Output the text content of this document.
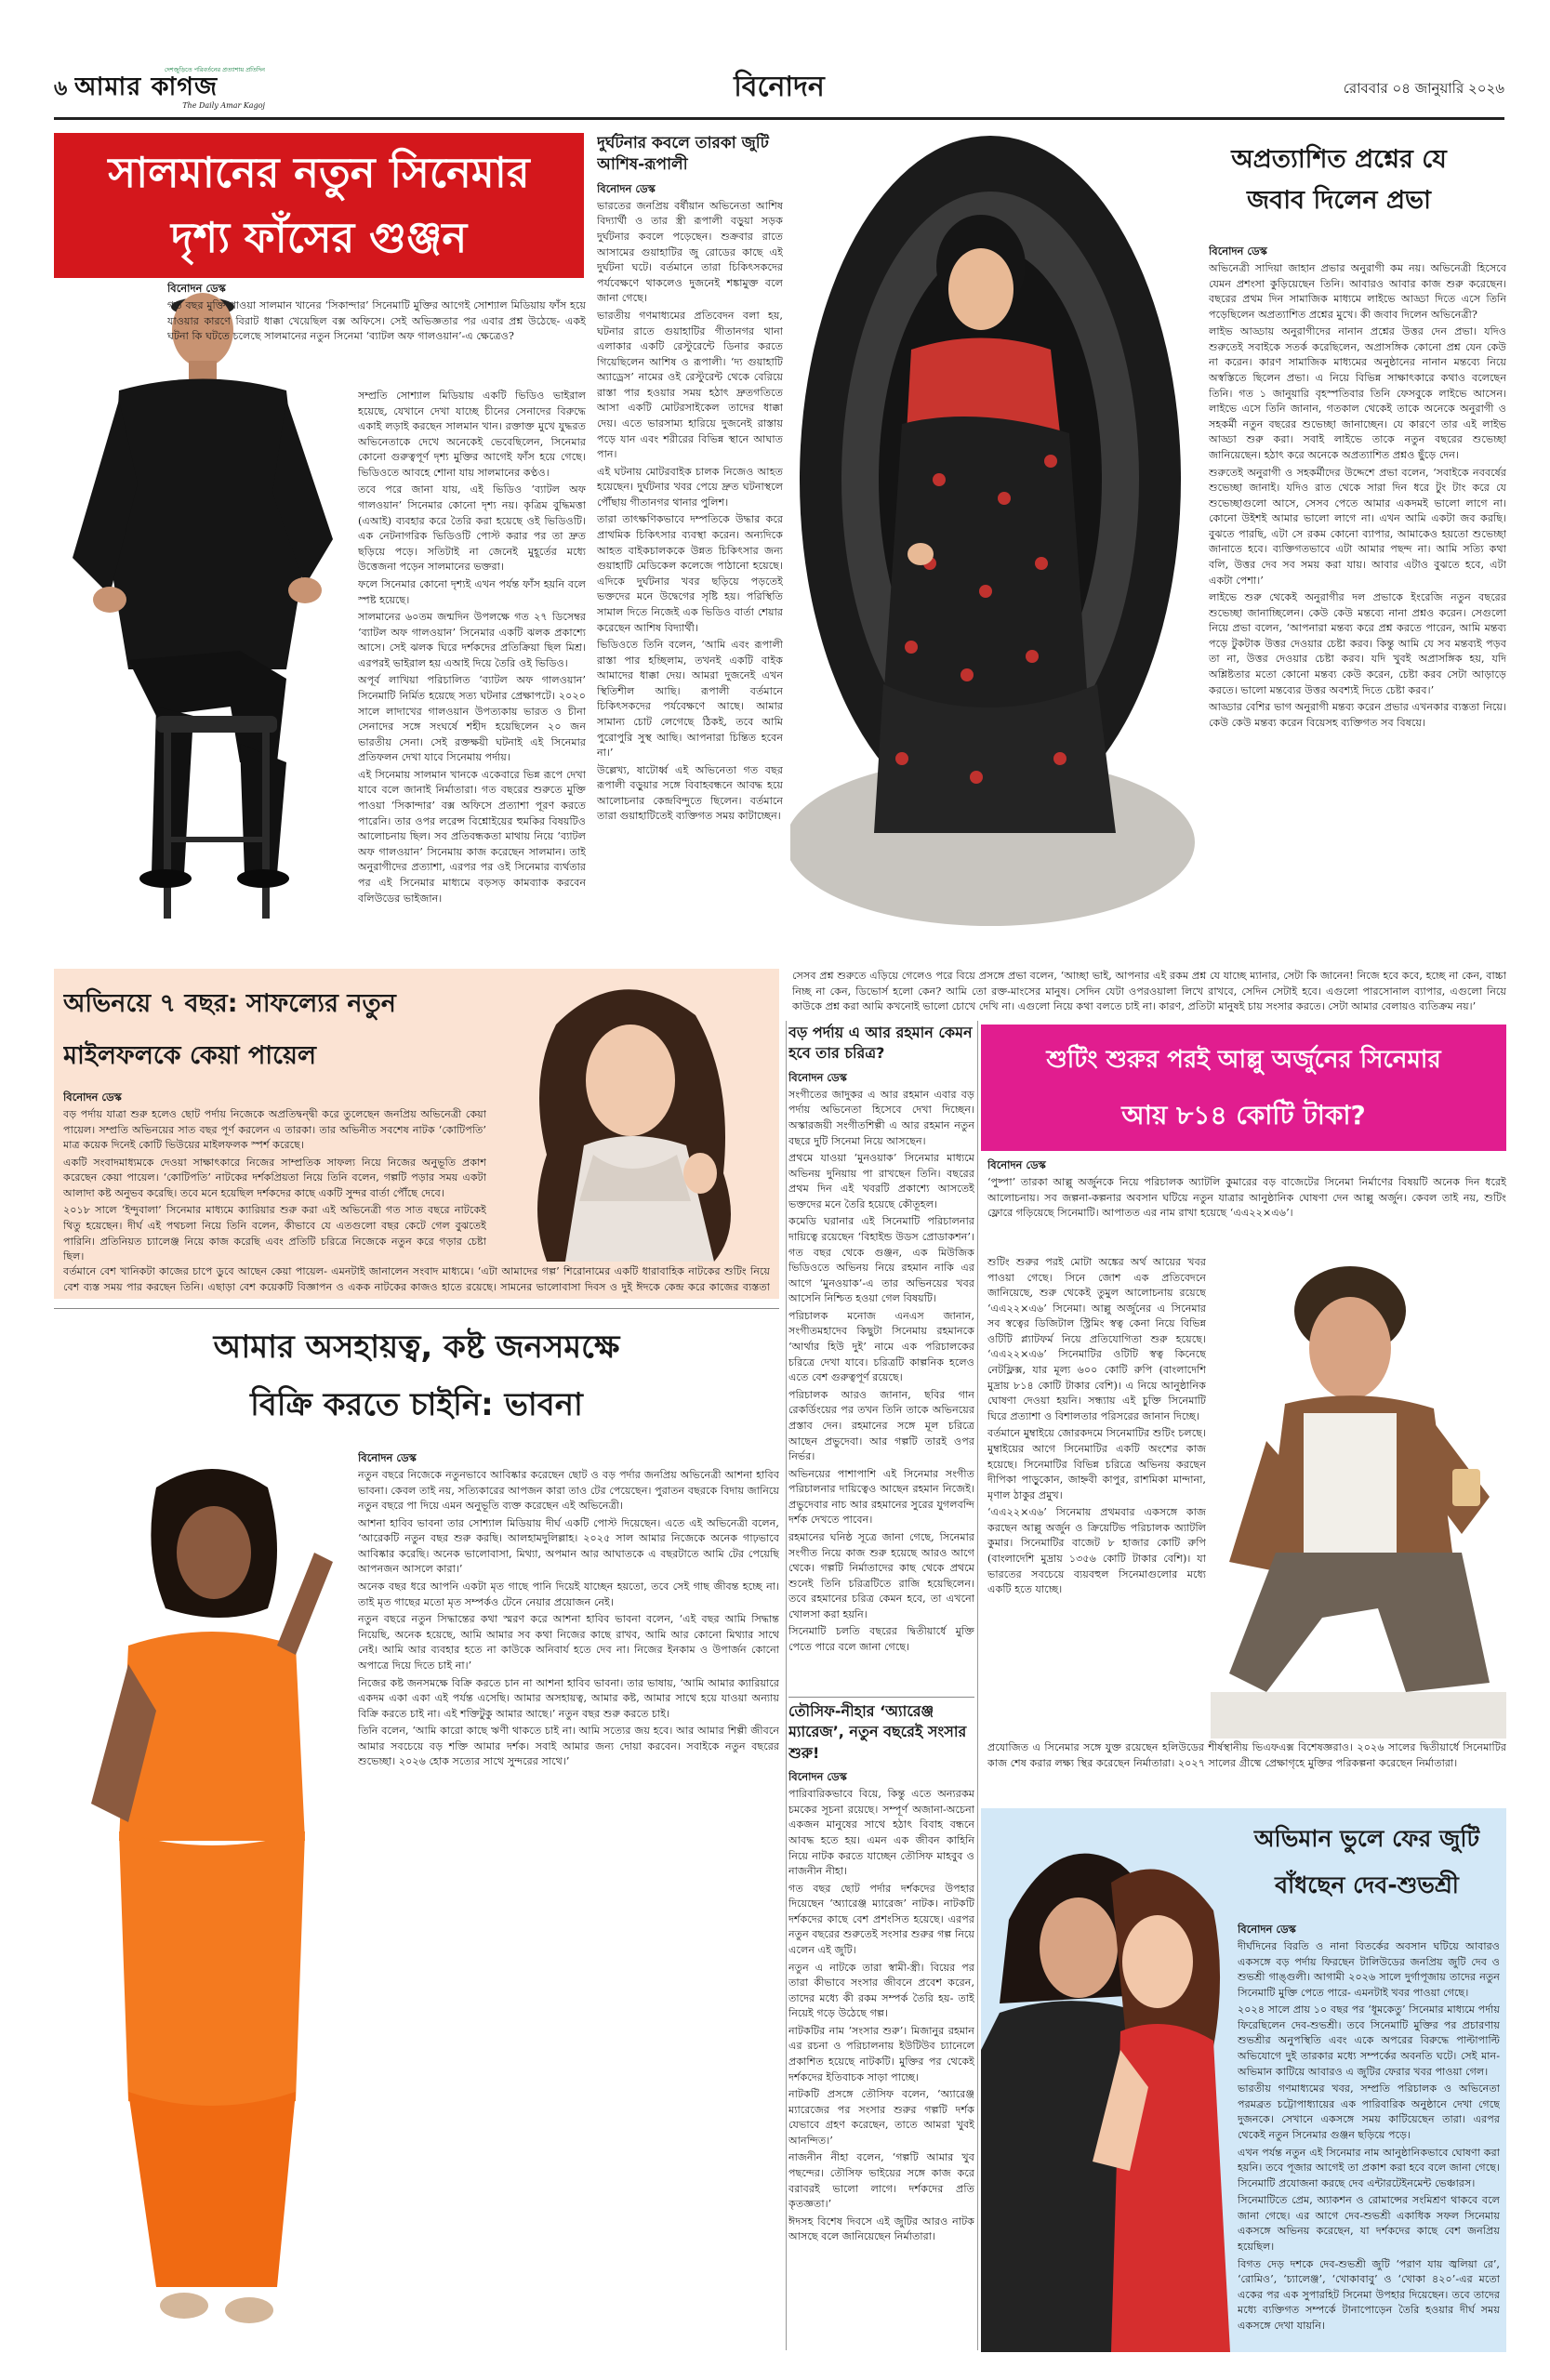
৬
দেশজুড়িতে পরিবর্তনের প্রত্যাশায় প্রতিদিন
আমার কাগজ
The Daily Amar Kagoj
বিনোদন	রোববার ০৪ জানুয়ারি ২০২৬
সালমানের নতুন সিনেমার
দৃশ্য ফাঁসের গুঞ্জন
বিনোদন ডেস্ক

গত বছর মুক্তি পাওয়া সালমান খানের ‘সিকান্দার’ সিনেমাটি মুক্তির আগেই সোশ্যাল মিডিয়ায় ফাঁস হয়ে যাওয়ার কারণে বিরাট ধাক্কা খেয়েছিল বক্স অফিসে। সেই অভিজ্ঞতার পর এবার প্রশ্ন উঠেছে- একই ঘটনা কি ঘটতে চলেছে সালমানের নতুন সিনেমা ‘ব্যাটল অফ গালওয়ান’-এ ক্ষেত্রেও?

সম্প্রতি সোশ্যাল মিডিয়ায় একটি ভিডিও ভাইরাল হয়েছে, যেখানে দেখা যাচ্ছে চীনের সেনাদের বিরুদ্ধে একাই লড়াই করছেন সালমান খান। রক্তাক্ত মুখে যুদ্ধরত অভিনেতাকে দেখে অনেকেই ভেবেছিলেন, সিনেমার কোনো গুরুত্বপূর্ণ দৃশ্য মুক্তির আগেই ফাঁস হয়ে গেছে। ভিডিওতে আবহে শোনা যায় সালমানের কণ্ঠও।

তবে পরে জানা যায়, এই ভিডিও ‘ব্যাটল অফ গালওয়ান’ সিনেমার কোনো দৃশ্য নয়। কৃত্রিম বুদ্ধিমত্তা (এআই) ব্যবহার করে তৈরি করা হয়েছে ওই ভিডিওটি। এক নেটনাগরিক ভিডিওটি পোস্ট করার পর তা দ্রুত ছড়িয়ে পড়ে। সতিটাই না জেনেই মুহূর্তের মধ্যে উত্তেজনা পড়েন সালমানের ভক্তরা।

ফলে সিনেমার কোনো দৃশ্যই এখন পর্যন্ত ফাঁস হয়নি বলে স্পষ্ট হয়েছে।

সালমানের ৬০তম জন্মদিন উপলক্ষে গত ২৭ ডিসেম্বর ‘ব্যাটল অফ গালওয়ান’ সিনেমার একটি ঝলক প্রকাশ্যে আসে। সেই ঝলক ঘিরে দর্শকদের প্রতিক্রিয়া ছিল মিশ্র। এরপরই ভাইরাল হয় এআই দিয়ে তৈরি ওই ভিডিও।

অপূর্ব লাখিয়া পরিচালিত ‘ব্যাটল অফ গালওয়ান’ সিনেমাটি নির্মিত হয়েছে সত্য ঘটনার প্রেক্ষাপটে। ২০২০ সালে লাদাখের গালওয়ান উপত্যকায় ভারত ও চীনা সেনাদের সঙ্গে সংঘর্ষে শহীদ হয়েছিলেন ২০ জন ভারতীয় সেনা। সেই রক্তক্ষয়ী ঘটনাই এই সিনেমার প্রতিফলন দেখা যাবে সিনেমায় পর্দায়।

এই সিনেমায় সালমান খানকে একেবারে ভিন্ন রূপে দেখা যাবে বলে জানাই নির্মাতারা। গত বছরের শুরুতে মুক্তি পাওয়া ‘সিকান্দার’ বক্স অফিসে প্রত্যাশা পূরণ করতে পারেনি। তার ওপর লরেন্স বিশ্নোইয়ের হুমকির বিষয়টিও আলোচনায় ছিল। সব প্রতিবন্ধকতা মাথায় নিয়ে ‘ব্যাটল অফ গালওয়ান’ সিনেমায় কাজ করেছেন সালমান। তাই অনুরাগীদের প্রত্যাশা, এরপর পর ওই সিনেমার ব্যর্থতার পর এই সিনেমার মাধ্যমে বড়সড় কামব্যাক করবেন বলিউডের ভাইজান।

দুর্ঘটনার কবলে তারকা জুটি আশিষ-রূপালী
বিনোদন ডেস্ক

ভারতের জনপ্রিয় বর্ষীয়ান অভিনেতা আশিষ বিদ্যার্থী ও তার স্ত্রী রূপালী বড়ুয়া সড়ক দুর্ঘটনার কবলে পড়েছেন। শুক্রবার রাতে আসামের গুয়াহাটির জু রোডের কাছে এই দুর্ঘটনা ঘটে। বর্তমানে তারা চিকিৎসকদের পর্যবেক্ষণে থাকলেও দুজনেই শঙ্কামুক্ত বলে জানা গেছে।

ভারতীয় গণমাধ্যমের প্রতিবেদন বলা হয়, ঘটনার রাতে গুয়াহাটির গীতানগর থানা এলাকার একটি রেস্টুরেন্টে ডিনার করতে গিয়েছিলেন আশিষ ও রূপালী। ‘দ্য গুয়াহাটি অ্যাড্রেস’ নামের ওই রেস্টুরেন্ট থেকে বেরিয়ে রাস্তা পার হওয়ার সময় হঠাৎ দ্রুতগতিতে আসা একটি মোটরসাইকেল তাদের ধাক্কা দেয়। এতে ভারসাম্য হারিয়ে দুজনেই রাস্তায় পড়ে যান এবং শরীরের বিভিন্ন স্থানে আঘাত পান।

এই ঘটনায় মোটরবাইক চালক নিজেও আহত হয়েছেন। দুর্ঘটনার খবর পেয়ে দ্রুত ঘটনাস্থলে পৌঁছায় গীতানগর থানার পুলিশ।

তারা তাৎক্ষণিকভাবে দম্পতিকে উদ্ধার করে প্রাথমিক চিকিৎসার ব্যবস্থা করেন। অন্যদিকে আহত বাইকচালককে উন্নত চিকিৎসার জন্য গুয়াহাটি মেডিকেল কলেজে পাঠানো হয়েছে। এদিকে দুর্ঘটনার খবর ছড়িয়ে পড়তেই ভক্তদের মনে উদ্বেগের সৃষ্টি হয়। পরিস্থিতি সামাল দিতে নিজেই এক ভিডিও বার্তা শেয়ার করেছেন আশিষ বিদ্যার্থী।

ভিডিওতে তিনি বলেন, ‘আমি এবং রূপালী রাস্তা পার হচ্ছিলাম, তখনই একটি বাইক আমাদের ধাক্কা দেয়। আমরা দুজনেই এখন স্থিতিশীল আছি। রূপালী বর্তমানে চিকিৎসকদের পর্যবেক্ষণে আছে। আমার সামান্য চোট লেগেছে ঠিকই, তবে আমি পুরোপুরি সুস্থ আছি। আপনারা চিন্তিত হবেন না।’

উল্লেখ্য, ষাটোর্ধ্ব এই অভিনেতা গত বছর রূপালী বড়ুয়ার সঙ্গে বিবাহবন্ধনে আবদ্ধ হয়ে আলোচনার কেন্দ্রবিন্দুতে ছিলেন। বর্তমানে তারা গুয়াহাটিতেই ব্যক্তিগত সময় কাটাচ্ছেন।

অপ্রত্যাশিত প্রশ্নের যে
জবাব দিলেন প্রভা
বিনোদন ডেস্ক

অভিনেত্রী সাদিয়া জাহান প্রভার অনুরাগী কম নয়। অভিনেত্রী হিসেবে যেমন প্রশংসা কুড়িয়েছেন তিনি। আবারও আবার কাজ শুরু করেছেন। বছরের প্রথম দিন সামাজিক মাধ্যমে লাইভে আড্ডা দিতে এসে তিনি পড়েছিলেন অপ্রত্যাশিত প্রশ্নের মুখে। কী জবাব দিলেন অভিনেত্রী?

লাইভ আড্ডায় অনুরাগীদের নানান প্রশ্নের উত্তর দেন প্রভা। যদিও শুরুতেই সবাইকে সতর্ক করেছিলেন, অপ্রাসঙ্গিক কোনো প্রশ্ন যেন কেউ না করেন। কারণ সামাজিক মাধ্যমের অনুষ্ঠানের নানান মন্তব্যে নিয়ে অস্বস্তিতে ছিলেন প্রভা। এ নিয়ে বিভিন্ন সাক্ষাৎকারে কথাও বলেছেন তিনি। গত ১ জানুয়ারি বৃহস্পতিবার তিনি ফেসবুকে লাইভে আসেন। লাইভে এসে তিনি জানান, গতকাল থেকেই তাকে অনেকে অনুরাগী ও সহকর্মী নতুন বছরের শুভেচ্ছা জানাচ্ছেন। যে কারণে তার এই লাইভ আড্ডা শুরু করা। সবাই লাইভে তাকে নতুন বছরের শুভেচ্ছা জানিয়েছেন। হঠাৎ করে অনেকে অপ্রত্যাশিত প্রশ্নও ছুঁড়ে দেন।

শুরুতেই অনুরাগী ও সহকর্মীদের উদ্দেশে প্রভা বলেন, ‘সবাইকে নববর্ষের শুভেচ্ছা জানাই। যদিও রাত থেকে সারা দিন ধরে টুং টাং করে যে শুভেচ্ছাগুলো আসে, সেসব পেতে আমার একদমই ভালো লাগে না। কোনো উইশই আমার ভালো লাগে না। এখন আমি একটা জব করছি। বুঝতে পারছি, এটা সে রকম কোনো ব্যাপার, আমাকেও হয়তো শুভেচ্ছা জানাতে হবে। ব্যক্তিগতভাবে এটা আমার পছন্দ না। আমি সত্যি কথা বলি, উত্তর দেব সব সময় করা যায়। আবার এটাও বুঝতে হবে, এটা একটা পেশা।’

লাইভে শুরু থেকেই অনুরাগীর দল প্রভাকে ইংরেজি নতুন বছরের শুভেচ্ছা জানাচ্ছিলেন। কেউ কেউ মন্তব্যে নানা প্রশ্নও করেন। সেগুলো নিয়ে প্রভা বলেন, ‘আপনারা মন্তব্য করে প্রশ্ন করতে পারেন, আমি মন্তব্য পড়ে টুকটাক উত্তর দেওয়ার চেষ্টা করব। কিন্তু আমি যে সব মন্তব্যই পড়ব তা না, উত্তর দেওয়ার চেষ্টা করব। যদি খুবই অপ্রাসঙ্গিক হয়, যদি অশ্লিষ্টতার মতো কোনো মন্তব্য কেউ করেন, চেষ্টা করব সেটা আড়াড়ে করতে। ভালো মন্তব্যের উত্তর অবশ্যই দিতে চেষ্টা করব।’

আড্ডার বেশির ভাগ অনুরাগী মন্তব্য করেন প্রভার এখনকার ব্যস্ততা নিয়ে। কেউ কেউ মন্তব্য করেন বিয়েসহ ব্যক্তিগত সব বিষয়ে।

সেসব প্রশ্ন শুরুতে এড়িয়ে গেলেও পরে বিয়ে প্রসঙ্গে প্রভা বলেন, ‘আচ্ছা ভাই, আপনার এই রকম প্রশ্ন যে যাচ্ছে ম্যানার, সেটা কি জানেন! নিজে হবে কবে, হচ্ছে না কেন, বাচ্চা নিচ্ছ না কেন, ডিভোর্স হলো কেন? আমি তো রক্ত-মাংসের মানুষ। সেদিন যেটা ওপরওয়ালা লিখে রাখবে, সেদিন সেটাই হবে। এগুলো পারসোনাল ব্যাপার, এগুলো নিয়ে কাউকে প্রশ্ন করা আমি কখনোই ভালো চোখে দেখি না। এগুলো নিয়ে কথা বলতে চাই না। কারণ, প্রতিটা মানুষই চায় সংসার করতে। সেটা আমার বেলায়ও ব্যতিক্রম নয়।’

অভিনয়ে ৭ বছর: সাফল্যের নতুন
মাইলফলকে কেয়া পায়েল
বিনোদন ডেস্ক

বড় পর্দায় যাত্রা শুরু হলেও ছোট পর্দায় নিজেকে অপ্রতিদ্বন্দ্বী করে তুলেছেন জনপ্রিয় অভিনেত্রী কেয়া পায়েল। সম্প্রতি অভিনয়ের সাত বছর পূর্ণ করলেন এ তারকা। তার অভিনীত সবশেষ নাটক ‘কোটিপতি’ মাত্র কয়েক দিনেই কোটি ভিউয়ের মাইলফলক স্পর্শ করেছে।

একটি সংবাদমাধ্যমকে দেওয়া সাক্ষাৎকারে নিজের সাম্প্রতিক সাফল্য নিয়ে নিজের অনুভূতি প্রকাশ করেছেন কেয়া পায়েল। ‘কোটিপতি’ নাটকের দর্শকপ্রিয়তা নিয়ে তিনি বলেন, গল্পটি পড়ার সময় একটা আলাদা কষ্ট অনুভব করেছি। তবে মনে হয়েছিল দর্শকদের কাছে একটি সুন্দর বার্তা পৌঁছে দেবে।

২০১৮ সালে ‘ইন্দুবালা’ সিনেমার মাধ্যমে ক্যারিয়ার শুরু করা এই অভিনেত্রী গত সাত বছরে নাটকেই থিতু হয়েছেন। দীর্ঘ এই পথচলা নিয়ে তিনি বলেন, কীভাবে যে এতগুলো বছর কেটে গেল বুঝতেই পারিনি। প্রতিনিয়ত চ্যালেঞ্জ নিয়ে কাজ করেছি এবং প্রতিটি চরিত্রে নিজেকে নতুন করে গড়ার চেষ্টা ছিল।

বর্তমানে বেশ খানিকটা কাজের চাপে ডুবে আছেন কেয়া পায়েল- এমনটাই জানালেন সংবাদ মাধ্যমে। ‘এটা আমাদের গল্প’ শিরোনামের একটি ধারাবাহিক নাটকের শুটিং নিয়ে বেশ ব্যস্ত সময় পার করছেন তিনি। এছাড়া বেশ কয়েকটি বিজ্ঞাপন ও একক নাটকের কাজও হাতে রয়েছে। সামনের ভালোবাসা দিবস ও দুই ঈদকে কেন্দ্র করে কাজের ব্যস্ততা

বড় পর্দায় এ আর রহমান কেমন হবে তার চরিত্র?
বিনোদন ডেস্ক

সংগীতের জাদুকর এ আর রহমান এবার বড় পর্দায় অভিনেতা হিসেবে দেখা দিচ্ছেন। অস্কারজয়ী সংগীতশিল্পী এ আর রহমান নতুন বছরে দুটি সিনেমা নিয়ে আসছেন।

প্রথমে যাওয়া ‘মুনওয়াক’ সিনেমার মাধ্যমে অভিনয় দুনিয়ায় পা রাখছেন তিনি। বছরের প্রথম দিন এই খবরটি প্রকাশ্যে আসতেই ভক্তদের মনে তৈরি হয়েছে কৌতূহল।

কমেডি ঘরানার এই সিনেমাটি পরিচালনার দায়িত্বে রয়েছেন ‘বিহাইন্ড উডস প্রোডাকশন’। গত বছর থেকে গুঞ্জন, এক মিউজিক ভিডিওতে অভিনয় নিয়ে রহমান নাকি এর আগে ‘মুনওয়াক’-এ তার অভিনয়ের খবর আসেনি নিশ্চিত হওয়া গেল বিষয়টি।

পরিচালক মনোজ এনএস জানান, সংগীতমহাদেব কিছুটা সিনেমায় রহমানকে ‘আর্থার হিউ দুই’ নামে এক পরিচালকের চরিত্রে দেখা যাবে। চরিত্রটি কাল্পনিক হলেও এতে বেশ গুরুত্বপূর্ণ রয়েছে।

পরিচালক আরও জানান, ছবির গান রেকর্ডিংয়ের পর তখন তিনি তাকে অভিনয়ের প্রস্তাব দেন। রহমানের সঙ্গে মূল চরিত্রে আছেন প্রভুদেবা। আর গল্পটি তারই ওপর নির্ভর।

অভিনয়ের পাশাপাশি এই সিনেমার সংগীত পরিচালনার দায়িত্বেও আছেন রহমান নিজেই। প্রভুদেবার নাচ আর রহমানের সুরের যুগলবন্দি দর্শক দেখতে পাবেন।

রহমানের ঘনিষ্ঠ সূত্রে জানা গেছে, সিনেমার সংগীত নিয়ে কাজ শুরু হয়েছে আরও আগে থেকে। গল্পটি নির্মাতাদের কাছ থেকে প্রথমে শুনেই তিনি চরিত্রটিতে রাজি হয়েছিলেন। তবে রহমানের চরিত্র কেমন হবে, তা এখনো খোলসা করা হয়নি।

সিনেমাটি চলতি বছরের দ্বিতীয়ার্ধে মুক্তি পেতে পারে বলে জানা গেছে।

শুটিং শুরুর পরই আল্লু অর্জুনের সিনেমার
আয় ৮১৪ কোটি টাকা?
বিনোদন ডেস্ক

‘পুষ্পা’ তারকা আল্লু অর্জুনকে নিয়ে পরিচালক অ্যাটলি কুমারের বড় বাজেটের সিনেমা নির্মাণের বিষয়টি অনেক দিন ধরেই আলোচনায়। সব জল্পনা-কল্পনার অবসান ঘটিয়ে নতুন যাত্রার আনুষ্ঠানিক ঘোষণা দেন আল্লু অর্জুন। কেবল তাই নয়, শুটিং ফ্লোরে গড়িয়েছে সিনেমাটি। আপাতত এর নাম রাখা হয়েছে ‘এএ২২×এ৬’।

শুটিং শুরুর পরই মোটা অঙ্কের অর্থ আয়ের খবর পাওয়া গেছে। সিনে জোশ এক প্রতিবেদনে জানিয়েছে, শুরু থেকেই তুমুল আলোচনায় রয়েছে ‘এএ২২×এ৬’ সিনেমা। আল্লু অর্জুনের এ সিনেমার সব স্বত্বের ডিজিটাল স্ট্রিমিং স্বত্ব কেনা নিয়ে বিভিন্ন ওটিটি প্ল্যাটফর্ম নিয়ে প্রতিযোগিতা শুরু হয়েছে। ‘এএ২২×এ৬’ সিনেমাটির ওটিটি স্বত্ব কিনেছে নেটফ্লিক্স, যার মূল্য ৬০০ কোটি রুপি (বাংলাদেশি মুদ্রায় ৮১৪ কোটি টাকার বেশি)। এ নিয়ে আনুষ্ঠানিক ঘোষণা দেওয়া হয়নি। সন্ধ্যায় এই চুক্তি সিনেমাটি ঘিরে প্রত্যাশা ও বিশালতার পরিসরের জানান দিচ্ছে।

বর্তমানে মুম্বাইয়ে জোরকদমে সিনেমাটির শুটিং চলছে। মুম্বাইয়ের আগে সিনেমাটির একটি অংশের কাজ হয়েছে। সিনেমাটির বিভিন্ন চরিত্রে অভিনয় করছেন দীপিকা পাড়ুকোন, জাহ্নবী কাপুর, রাশমিকা মান্দানা, মৃণাল ঠাকুর প্রমুখ।

‘এএ২২×এ৬’ সিনেমায় প্রথমবার একসঙ্গে কাজ করছেন আল্লু অর্জুন ও ক্রিয়েটিভ পরিচালক অ্যাটলি কুমার। সিনেমাটির বাজেট ৮ হাজার কোটি রুপি (বাংলাদেশি মুদ্রায় ১৩৫৬ কোটি টাকার বেশি)। যা ভারতের সবচেয়ে ব্যয়বহুল সিনেমাগুলোর মধ্যে একটি হতে যাচ্ছে।

প্রযোজিত এ সিনেমার সঙ্গে যুক্ত রয়েছেন হলিউডের শীর্ষস্থানীয় ভিএফএক্স বিশেষজ্ঞরাও। ২০২৬ সালের দ্বিতীয়ার্ধে সিনেমাটির কাজ শেষ করার লক্ষ্য স্থির করেছেন নির্মাতারা। ২০২৭ সালের গ্রীষ্মে প্রেক্ষাগৃহে মুক্তির পরিকল্পনা করেছেন নির্মাতারা।

আমার অসহায়ত্ব, কষ্ট জনসমক্ষে
বিক্রি করতে চাইনি: ভাবনা
বিনোদন ডেস্ক

নতুন বছরে নিজেকে নতুনভাবে আবিষ্কার করেছেন ছোট ও বড় পর্দার জনপ্রিয় অভিনেত্রী আশনা হাবিব ভাবনা। কেবল তাই নয়, সত্যিকারের আপজন কারা তাও টের পেয়েছেন। পুরাতন বছরকে বিদায় জানিয়ে নতুন বছরে পা দিয়ে এমন অনুভূতি ব্যক্ত করেছেন এই অভিনেত্রী।

আশনা হাবিব ভাবনা তার সোশ্যাল মিডিয়ায় দীর্ঘ একটি পোস্ট দিয়েছেন। এতে এই অভিনেত্রী বলেন, ‘আরেকটি নতুন বছর শুরু করছি। আলহামদুলিল্লাহ। ২০২৫ সাল আমার নিজেকে অনেক গাঢ়ভাবে আবিষ্কার করেছি। অনেক ভালোবাসা, মিথ্যা, অপমান আর আঘাতকে এ বছরটাতে আমি টের পেয়েছি আপনজন আসলে কারা।’

অনেক বছর ধরে আপনি একটা মৃত গাছে পানি দিয়েই যাচ্ছেন হয়তো, তবে সেই গাছ জীবন্ত হচ্ছে না। তাই মৃত গাছের মতো মৃত সম্পর্কও টেনে নেয়ার প্রয়োজন নেই।

নতুন বছরে নতুন সিদ্ধান্তের কথা স্মরণ করে আশনা হাবিব ভাবনা বলেন, ‘এই বছর আমি সিদ্ধান্ত নিয়েছি, অনেক হয়েছে, আমি আমার সব কথা নিজের কাছে রাখব, আমি আর কোনো মিথ্যার সাথে নেই। আমি আর ব্যবহার হতে না কাউকে অনিবার্য হতে দেব না। নিজের ইনকাম ও উপার্জন কোনো অপাত্রে দিয়ে দিতে চাই না।’

নিজের কষ্ট জনসমক্ষে বিক্রি করতে চান না আশনা হাবিব ভাবনা। তার ভাষায়, ‘আমি আমার ক্যারিয়ারে একদম একা একা এই পর্যন্ত এসেছি। আমার অসহায়ত্ব, আমার কষ্ট, আমার সাথে হয়ে যাওয়া অন্যায় বিক্রি করতে চাই না। এই শক্তিটুকু আমার আছে।’ নতুন বছর শুরু করতে চাই।

তিনি বলেন, ‘আমি কারো কাছে ঋণী থাকতে চাই না। আমি সত্যের জয় হবে। আর আমার শিল্পী জীবনে আমার সবচেয়ে বড় শক্তি আমার দর্শক। সবাই আমার জন্য দোয়া করবেন। সবাইকে নতুন বছরের শুভেচ্ছা। ২০২৬ হোক সত্যের সাথে সুন্দরের সাথে।’

তৌসিফ-নীহার ‘অ্যারেঞ্জ ম্যারেজ’, নতুন বছরেই সংসার শুরু!
বিনোদন ডেস্ক

পারিবারিকভাবে বিয়ে, কিন্তু এতে অন্যরকম চমকের সূচনা রয়েছে। সম্পূর্ণ অজানা-অচেনা একজন মানুষের সাথে হঠাৎ বিবাহ বন্ধনে আবদ্ধ হতে হয়। এমন এক জীবন কাহিনি নিয়ে নাটক করতে যাচ্ছেন তৌসিফ মাহবুব ও নাজনীন নীহা।

গত বছর ছোট পর্দার দর্শকদের উপহার দিয়েছেন ‘অ্যারেঞ্জ ম্যারেজ’ নাটক। নাটকটি দর্শকদের কাছে বেশ প্রশংসিত হয়েছে। এরপর নতুন বছরের শুরুতেই সংসার শুরুর গল্প নিয়ে এলেন এই জুটি।

নতুন এ নাটকে তারা স্বামী-স্ত্রী। বিয়ের পর তারা কীভাবে সংসার জীবনে প্রবেশ করেন, তাদের মধ্যে কী রকম সম্পর্ক তৈরি হয়- তাই নিয়েই গড়ে উঠেছে গল্প।

নাটকটির নাম ‘সংসার শুরু’। মিজানুর রহমান এর রচনা ও পরিচালনায় ইউটিউব চ্যানেলে প্রকাশিত হয়েছে নাটকটি। মুক্তির পর থেকেই দর্শকদের ইতিবাচক সাড়া পাচ্ছে।

নাটকটি প্রসঙ্গে তৌসিফ বলেন, ‘অ্যারেঞ্জ ম্যারেজের পর সংসার শুরুর গল্পটি দর্শক যেভাবে গ্রহণ করেছেন, তাতে আমরা খুবই আনন্দিত।’

নাজনীন নীহা বলেন, ‘গল্পটি আমার খুব পছন্দের। তৌসিফ ভাইয়ের সঙ্গে কাজ করে বরাবরই ভালো লাগে। দর্শকদের প্রতি কৃতজ্ঞতা।’

ঈদসহ বিশেষ দিবসে এই জুটির আরও নাটক আসছে বলে জানিয়েছেন নির্মাতারা।

অভিমান ভুলে ফের জুটি
বাঁধছেন দেব-শুভশ্রী
বিনোদন ডেস্ক

দীর্ঘদিনের বিরতি ও নানা বিতর্কের অবসান ঘটিয়ে আবারও একসঙ্গে বড় পর্দায় ফিরছেন টালিউডের জনপ্রিয় জুটি দেব ও শুভশ্রী গাঙ্গুলী। আগামী ২০২৬ সালে দুর্গাপূজায় তাদের নতুন সিনেমাটি মুক্তি পেতে পারে- এমনটাই খবর পাওয়া গেছে।

২০২৪ সালে প্রায় ১০ বছর পর ‘ধূমকেতু’ সিনেমার মাধ্যমে পর্দায় ফিরেছিলেন দেব-শুভশ্রী। তবে সিনেমাটি মুক্তির পর প্রচারণায় শুভশ্রীর অনুপস্থিতি এবং একে অপরের বিরুদ্ধে পাল্টাপাল্টি অভিযোগে দুই তারকার মধ্যে সম্পর্কের অবনতি ঘটে। সেই মান-অভিমান কাটিয়ে আবারও এ জুটির ফেরার খবর পাওয়া গেল।

ভারতীয় গণমাধ্যমের খবর, সম্প্রতি পরিচালক ও অভিনেতা পরমব্রত চট্টোপাধ্যায়ের এক পারিবারিক অনুষ্ঠানে দেখা গেছে দুজনকে। সেখানে একসঙ্গে সময় কাটিয়েছেন তারা। এরপর থেকেই নতুন সিনেমার গুঞ্জন ছড়িয়ে পড়ে।

এখন পর্যন্ত নতুন এই সিনেমার নাম আনুষ্ঠানিকভাবে ঘোষণা করা হয়নি। তবে পূজার আগেই তা প্রকাশ করা হবে বলে জানা গেছে। সিনেমাটি প্রযোজনা করছে দেব এন্টারটেইনমেন্ট ভেঞ্চারস।

সিনেমাটিতে প্রেম, অ্যাকশন ও রোমান্সের সংমিশ্রণ থাকবে বলে জানা গেছে। এর আগে দেব-শুভশ্রী একাধিক সফল সিনেমায় একসঙ্গে অভিনয় করেছেন, যা দর্শকদের কাছে বেশ জনপ্রিয় হয়েছিল।

বিগত দেড় দশকে দেব-শুভশ্রী জুটি ‘পরাণ যায় জ্বলিয়া রে’, ‘রোমিও’, ‘চ্যালেঞ্জ’, ‘খোকাবাবু’ ও ‘খোকা ৪২০’-এর মতো একের পর এক সুপারহিট সিনেমা উপহার দিয়েছেন। তবে তাদের মধ্যে ব্যক্তিগত সম্পর্কে টানাপোড়েন তৈরি হওয়ার দীর্ঘ সময় একসঙ্গে দেখা যায়নি।
